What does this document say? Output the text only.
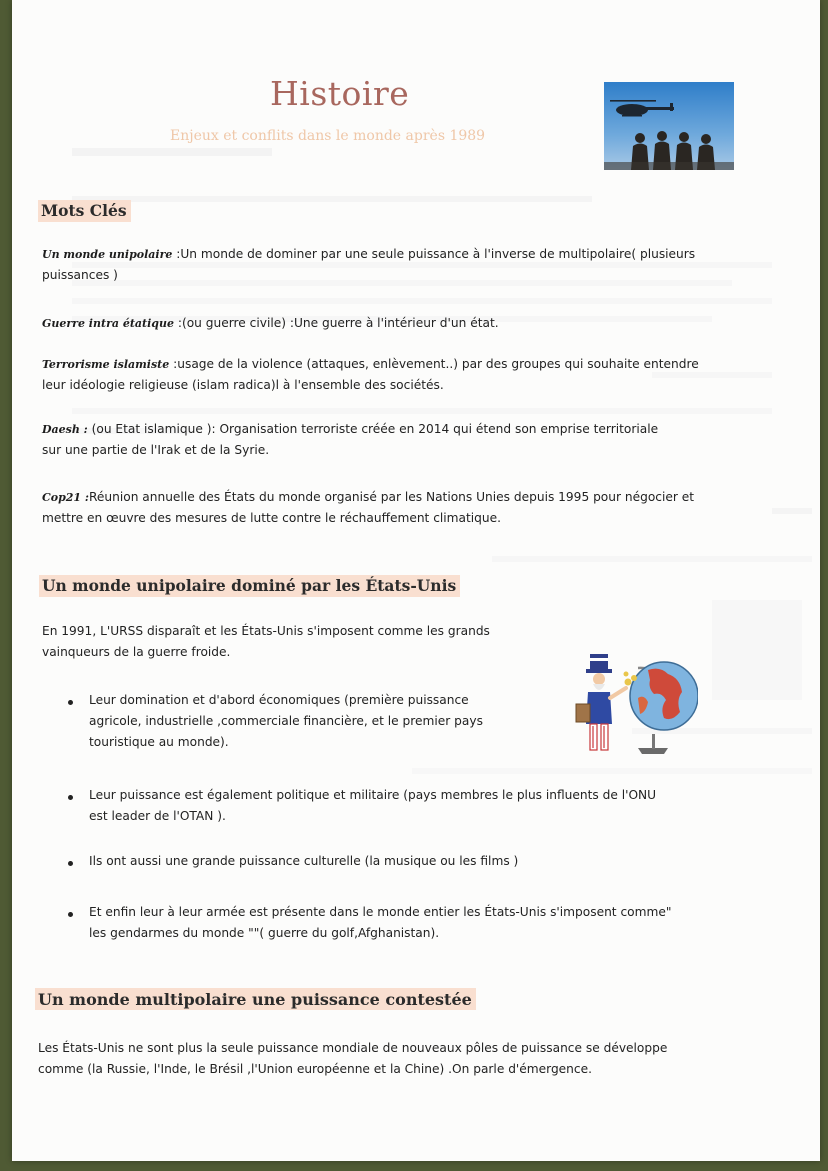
Histoire

Enjeux et conflits dans le monde après 1989

Mots Clés

Un monde unipolaire :Un monde de dominer par une seule puissance à l'inverse de multipolaire( plusieurs
puissances )

Guerre intra étatique :(ou guerre civile) :Une guerre à l'intérieur d'un état.

Terrorisme islamiste :usage de la violence (attaques, enlèvement..) par des groupes qui souhaite entendre
leur idéologie religieuse (islam radica)l à l'ensemble des sociétés.

Daesh : (ou Etat islamique ): Organisation terroriste créée en 2014 qui étend son emprise territoriale
sur une partie de l'Irak et de la Syrie.

Cop21 :Réunion annuelle des États du monde organisé par les Nations Unies depuis 1995 pour négocier et
mettre en œuvre des mesures de lutte contre le réchauffement climatique.

Un monde unipolaire dominé par les États-Unis

En 1991, L'URSS disparaît et les États-Unis s'imposent comme les grands
vainqueurs de la guerre froide.

Leur domination et d'abord économiques (première puissance
agricole, industrielle ,commerciale financière, et le premier pays
touristique au monde).

Leur puissance est également politique et militaire (pays membres le plus influents de l'ONU
est leader de l'OTAN ).

Ils ont aussi une grande puissance culturelle (la musique ou les films )

Et enfin leur à leur armée est présente dans le monde entier les États-Unis s'imposent comme"
les gendarmes du monde ""( guerre du golf,Afghanistan).

Un monde multipolaire une puissance contestée

Les États-Unis ne sont plus la seule puissance mondiale de nouveaux pôles de puissance se développe
comme (la Russie, l'Inde, le Brésil ,l'Union européenne et la Chine) .On parle d'émergence.
